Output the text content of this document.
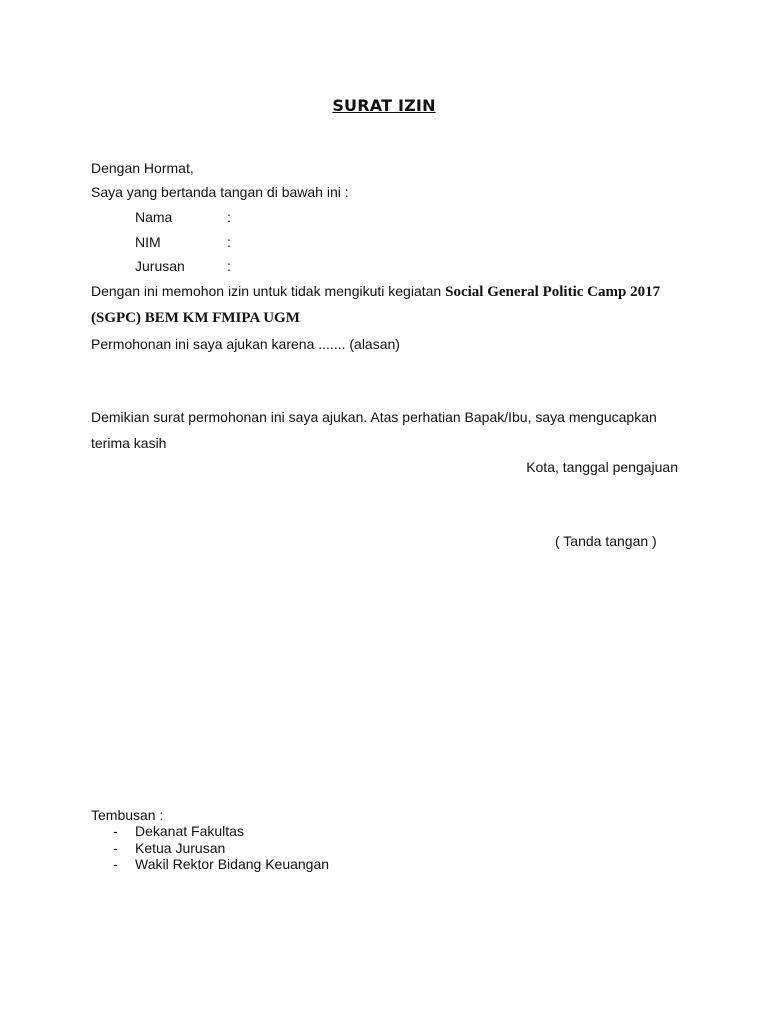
SURAT IZIN
Dengan Hormat,
Saya yang bertanda tangan di bawah ini :
Nama	:
NIM	:
Jurusan	:
Dengan ini memohon izin untuk tidak mengikuti kegiatan Social General Politic Camp 2017
(SGPC) BEM KM FMIPA UGM
Permohonan ini saya ajukan karena ....... (alasan)
Demikian surat permohonan ini saya ajukan. Atas perhatian Bapak/Ibu, saya mengucapkan
terima kasih
Kota, tanggal pengajuan
( Tanda tangan )
Tembusan :
- Dekanat Fakultas
- Ketua Jurusan
- Wakil Rektor Bidang Keuangan
